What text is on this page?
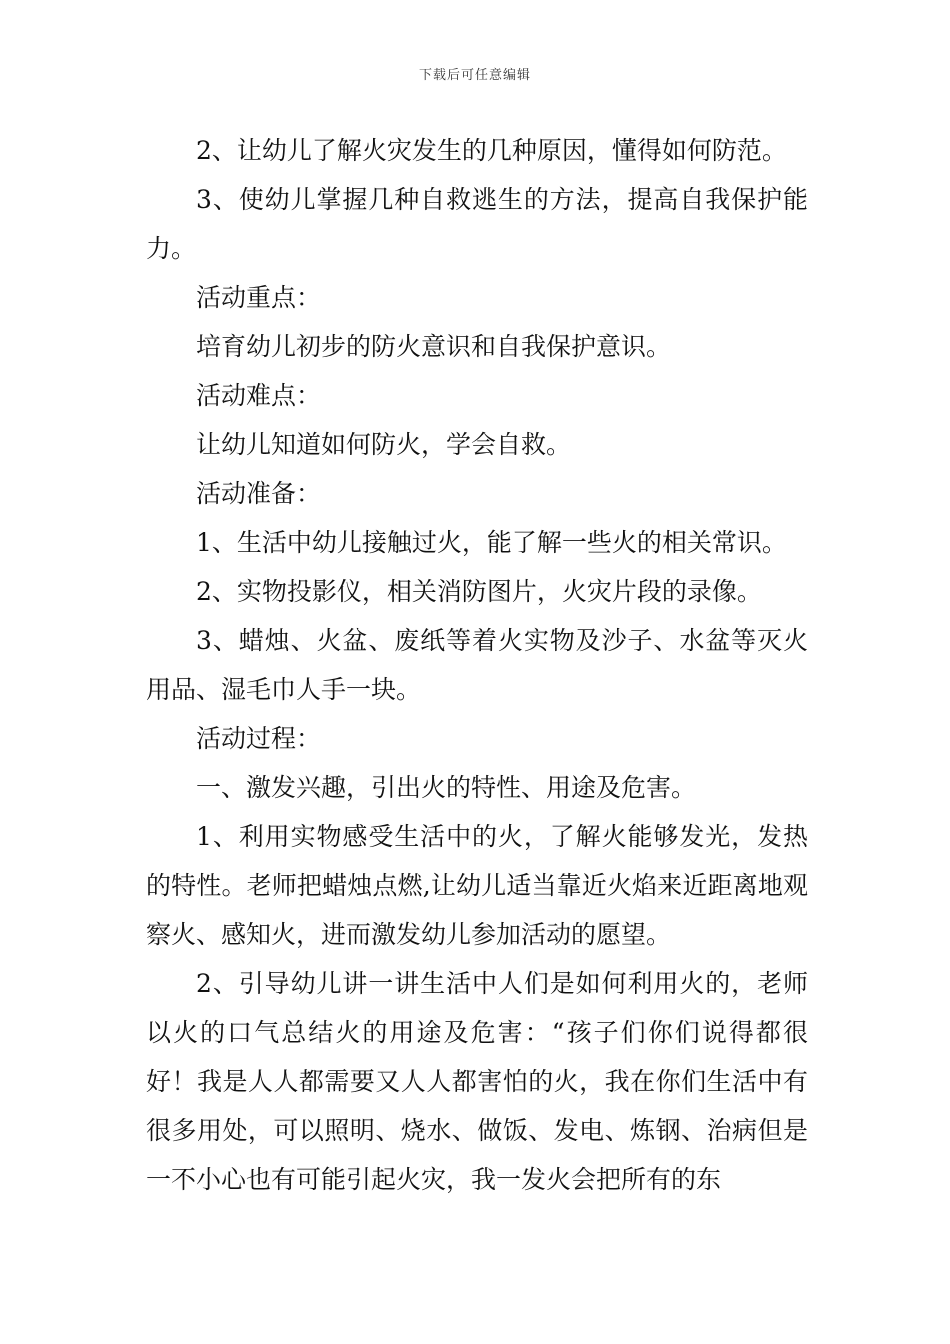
下载后可任意编辑

2、让幼儿了解火灾发生的几种原因，懂得如何防范。

3、使幼儿掌握几种自救逃生的方法，提高自我保护能力。

活动重点：

培育幼儿初步的防火意识和自我保护意识。

活动难点：

让幼儿知道如何防火，学会自救。

活动准备：

1、生活中幼儿接触过火，能了解一些火的相关常识。

2、实物投影仪，相关消防图片，火灾片段的录像。

3、蜡烛、火盆、废纸等着火实物及沙子、水盆等灭火用品、湿毛巾人手一块。

活动过程：

一、激发兴趣，引出火的特性、用途及危害。

1、利用实物感受生活中的火，了解火能够发光，发热的特性。老师把蜡烛点燃,让幼儿适当靠近火焰来近距离地观察火、感知火，进而激发幼儿参加活动的愿望。

2、引导幼儿讲一讲生活中人们是如何利用火的，老师以火的口气总结火的用途及危害：“孩子们你们说得都很好！我是人人都需要又人人都害怕的火，我在你们生活中有很多用处，可以照明、烧水、做饭、发电、炼钢、治病但是一不小心也有可能引起火灾，我一发火会把所有的东
